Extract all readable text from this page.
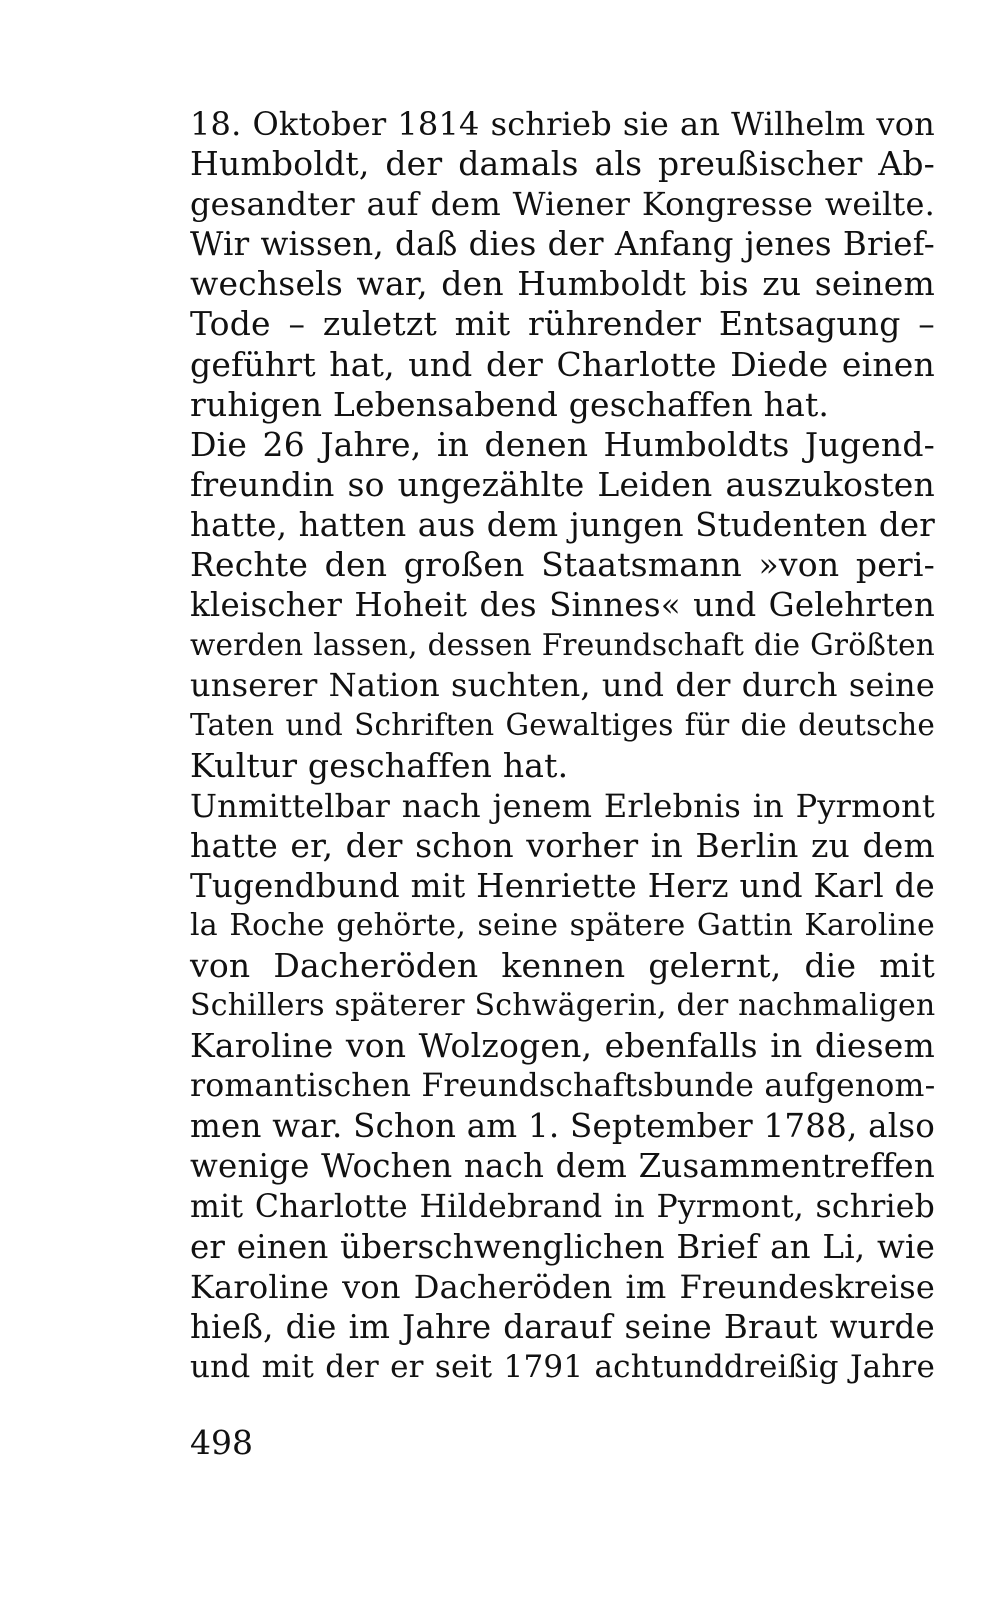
18. Oktober 1814 schrieb sie an Wilhelm von
Humboldt, der damals als preußischer Ab-
gesandter auf dem Wiener Kongresse weilte.
Wir wissen, daß dies der Anfang jenes Brief-
wechsels war, den Humboldt bis zu seinem
Tode – zuletzt mit rührender Entsagung –
geführt hat, und der Charlotte Diede einen
ruhigen Lebensabend geschaffen hat.
Die 26 Jahre, in denen Humboldts Jugend-
freundin so ungezählte Leiden auszukosten
hatte, hatten aus dem jungen Studenten der
Rechte den großen Staatsmann »von peri-
kleischer Hoheit des Sinnes« und Gelehrten
werden lassen, dessen Freundschaft die Größten
unserer Nation suchten, und der durch seine
Taten und Schriften Gewaltiges für die deutsche
Kultur geschaffen hat.
Unmittelbar nach jenem Erlebnis in Pyrmont
hatte er, der schon vorher in Berlin zu dem
Tugendbund mit Henriette Herz und Karl de
la Roche gehörte, seine spätere Gattin Karoline
von Dacheröden kennen gelernt, die mit
Schillers späterer Schwägerin, der nachmaligen
Karoline von Wolzogen, ebenfalls in diesem
romantischen Freundschaftsbunde aufgenom-
men war. Schon am 1. September 1788, also
wenige Wochen nach dem Zusammentreffen
mit Charlotte Hildebrand in Pyrmont, schrieb
er einen überschwenglichen Brief an Li, wie
Karoline von Dacheröden im Freundeskreise
hieß, die im Jahre darauf seine Braut wurde
und mit der er seit 1791 achtunddreißig Jahre
498
